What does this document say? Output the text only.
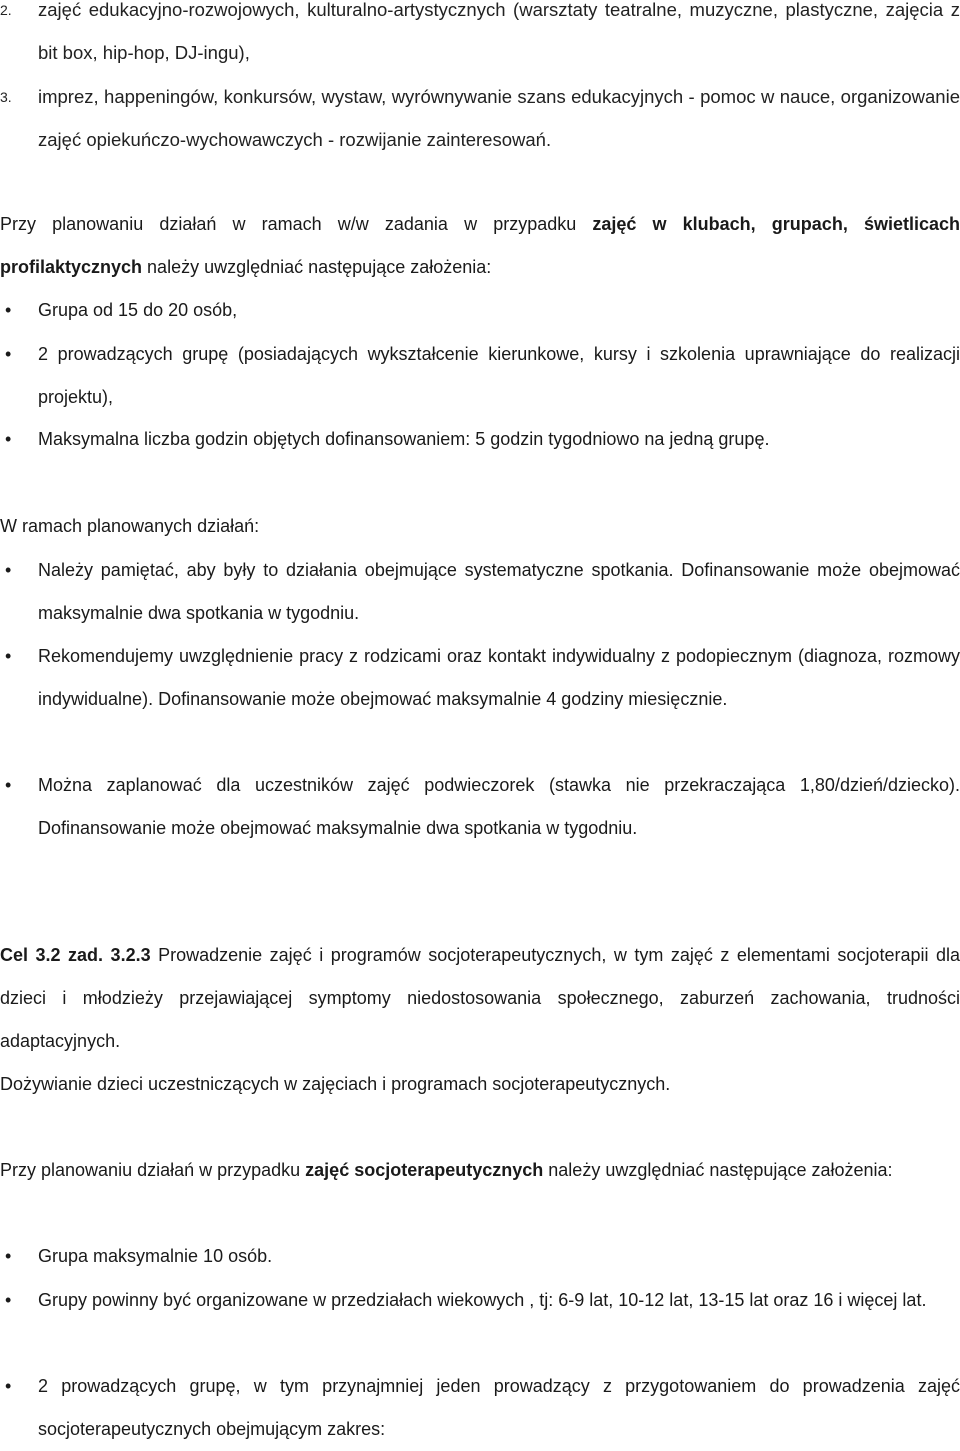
2. zajęć edukacyjno-rozwojowych, kulturalno-artystycznych (warsztaty teatralne, muzyczne, plastyczne, zajęcia z bit box, hip-hop, DJ-ingu),
3. imprez, happeningów, konkursów, wystaw, wyrównywanie szans edukacyjnych - pomoc w nauce, organizowanie zajęć opiekuńczo-wychowawczych - rozwijanie zainteresowań.
Przy planowaniu działań w ramach w/w zadania w przypadku zajęć w klubach, grupach, świetlicach profilaktycznych należy uwzględniać następujące założenia:
• Grupa od 15 do 20 osób,
• 2 prowadzących grupę (posiadających wykształcenie kierunkowe, kursy i szkolenia uprawniające do realizacji projektu),
• Maksymalna liczba godzin objętych dofinansowaniem: 5 godzin tygodniowo na jedną grupę.
W ramach planowanych działań:
• Należy pamiętać, aby były to działania obejmujące systematyczne spotkania. Dofinansowanie może obejmować maksymalnie dwa spotkania w tygodniu.
• Rekomendujemy uwzględnienie pracy z rodzicami oraz kontakt indywidualny z podopiecznym (diagnoza, rozmowy indywidualne). Dofinansowanie może obejmować maksymalnie 4 godziny miesięcznie.
• Można zaplanować dla uczestników zajęć podwieczorek (stawka nie przekraczająca 1,80/dzień/dziecko). Dofinansowanie może obejmować maksymalnie dwa spotkania w tygodniu.
Cel 3.2 zad. 3.2.3 Prowadzenie zajęć i programów socjoterapeutycznych, w tym zajęć z elementami socjoterapii dla dzieci i młodzieży przejawiającej symptomy niedostosowania społecznego, zaburzeń zachowania, trudności adaptacyjnych.
Dożywianie dzieci uczestniczących w zajęciach i programach socjoterapeutycznych.
Przy planowaniu działań w przypadku zajęć socjoterapeutycznych należy uwzględniać następujące założenia:
• Grupa maksymalnie 10 osób.
• Grupy powinny być organizowane w przedziałach wiekowych , tj: 6-9 lat, 10-12 lat, 13-15 lat oraz 16 i więcej lat.
• 2 prowadzących grupę, w tym przynajmniej jeden prowadzący z przygotowaniem do prowadzenia zajęć socjoterapeutycznych obejmującym zakres:
